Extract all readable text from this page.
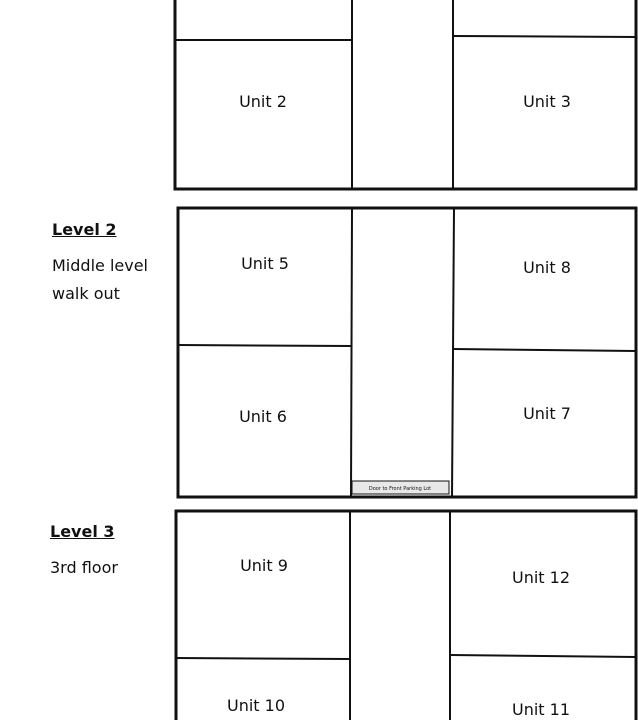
Door to Front Parking Lot
Unit 2	Unit 3
Level 2
Middle level
walk out
Unit 5	Unit 8
Unit 6	Unit 7
Level 3
3rd floor	Unit 9
Unit 12
Unit 10	Unit 11
